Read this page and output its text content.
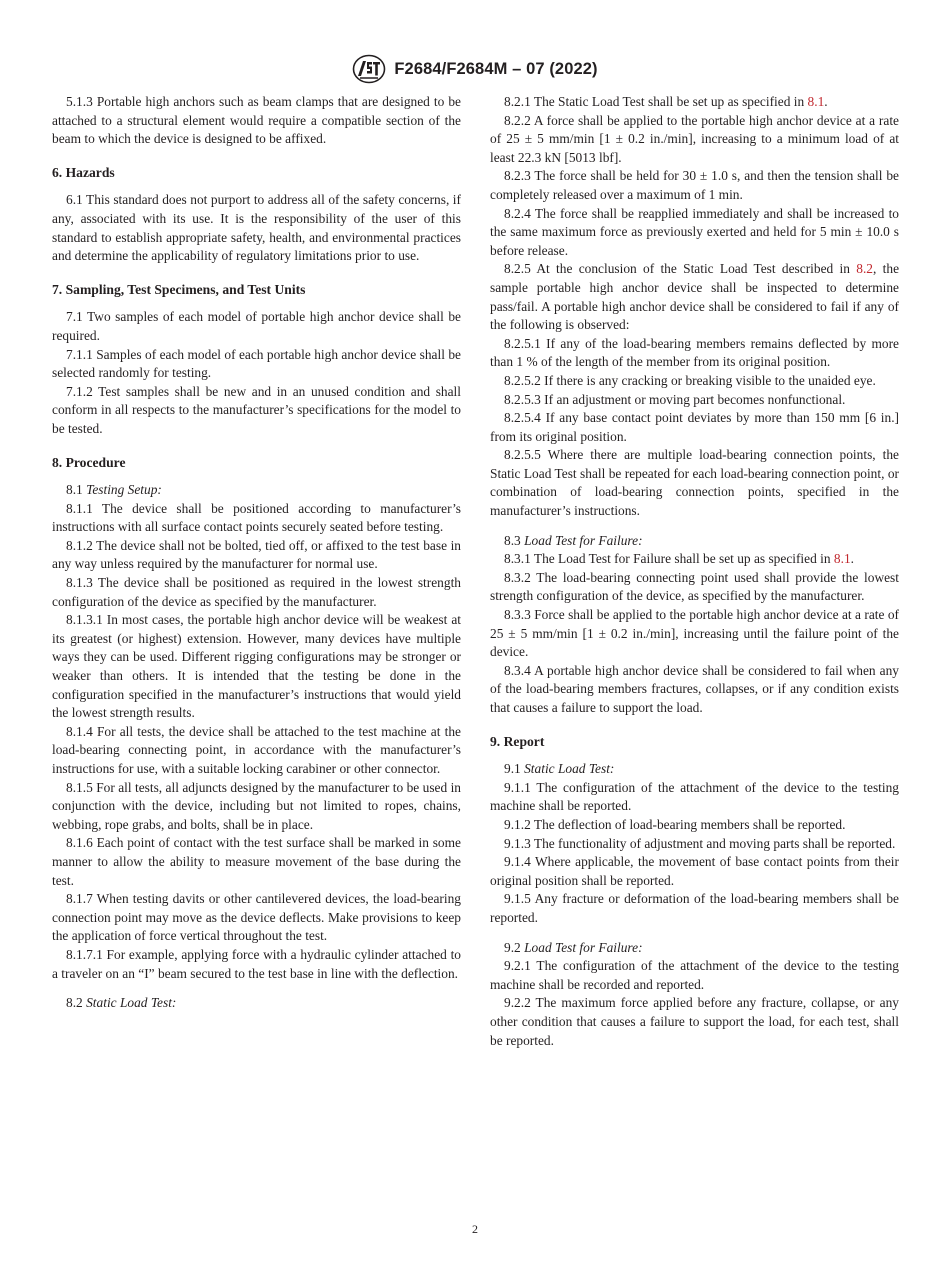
F2684/F2684M – 07 (2022)

5.1.3 Portable high anchors such as beam clamps that are designed to be attached to a structural element would require a compatible section of the beam to which the device is designed to be affixed.

6. Hazards

6.1 This standard does not purport to address all of the safety concerns, if any, associated with its use. It is the responsibility of the user of this standard to establish appropriate safety, health, and environmental practices and determine the applicability of regulatory limitations prior to use.

7. Sampling, Test Specimens, and Test Units

7.1 Two samples of each model of portable high anchor device shall be required.

7.1.1 Samples of each model of each portable high anchor device shall be selected randomly for testing.

7.1.2 Test samples shall be new and in an unused condition and shall conform in all respects to the manufacturer’s specifications for the model to be tested.

8. Procedure

8.1 Testing Setup:

8.1.1 The device shall be positioned according to manufacturer’s instructions with all surface contact points securely seated before testing.

8.1.2 The device shall not be bolted, tied off, or affixed to the test base in any way unless required by the manufacturer for normal use.

8.1.3 The device shall be positioned as required in the lowest strength configuration of the device as specified by the manufacturer.

8.1.3.1 In most cases, the portable high anchor device will be weakest at its greatest (or highest) extension. However, many devices have multiple ways they can be used. Different rigging configurations may be stronger or weaker than others. It is intended that the testing be done in the configuration specified in the manufacturer’s instructions that would yield the lowest strength results.

8.1.4 For all tests, the device shall be attached to the test machine at the load-bearing connecting point, in accordance with the manufacturer’s instructions for use, with a suitable locking carabiner or other connector.

8.1.5 For all tests, all adjuncts designed by the manufacturer to be used in conjunction with the device, including but not limited to ropes, chains, webbing, rope grabs, and bolts, shall be in place.

8.1.6 Each point of contact with the test surface shall be marked in some manner to allow the ability to measure movement of the base during the test.

8.1.7 When testing davits or other cantilevered devices, the load-bearing connection point may move as the device deflects. Make provisions to keep the application of force vertical throughout the test.

8.1.7.1 For example, applying force with a hydraulic cylinder attached to a traveler on an “I” beam secured to the test base in line with the deflection.

8.2 Static Load Test:

8.2.1 The Static Load Test shall be set up as specified in 8.1.

8.2.2 A force shall be applied to the portable high anchor device at a rate of 25 ± 5 mm/min [1 ± 0.2 in./min], increasing to a minimum load of at least 22.3 kN [5013 lbf].

8.2.3 The force shall be held for 30 ± 1.0 s, and then the tension shall be completely released over a maximum of 1 min.

8.2.4 The force shall be reapplied immediately and shall be increased to the same maximum force as previously exerted and held for 5 min ± 10.0 s before release.

8.2.5 At the conclusion of the Static Load Test described in 8.2, the sample portable high anchor device shall be inspected to determine pass/fail. A portable high anchor device shall be considered to fail if any of the following is observed:

8.2.5.1 If any of the load-bearing members remains deflected by more than 1 % of the length of the member from its original position.

8.2.5.2 If there is any cracking or breaking visible to the unaided eye.

8.2.5.3 If an adjustment or moving part becomes nonfunctional.

8.2.5.4 If any base contact point deviates by more than 150 mm [6 in.] from its original position.

8.2.5.5 Where there are multiple load-bearing connection points, the Static Load Test shall be repeated for each load-bearing connection point, or combination of load-bearing connection points, specified in the manufacturer’s instructions.

8.3 Load Test for Failure:

8.3.1 The Load Test for Failure shall be set up as specified in 8.1.

8.3.2 The load-bearing connecting point used shall provide the lowest strength configuration of the device, as specified by the manufacturer.

8.3.3 Force shall be applied to the portable high anchor device at a rate of 25 ± 5 mm/min [1 ± 0.2 in./min], increasing until the failure point of the device.

8.3.4 A portable high anchor device shall be considered to fail when any of the load-bearing members fractures, collapses, or if any condition exists that causes a failure to support the load.

9. Report

9.1 Static Load Test:

9.1.1 The configuration of the attachment of the device to the testing machine shall be reported.

9.1.2 The deflection of load-bearing members shall be reported.

9.1.3 The functionality of adjustment and moving parts shall be reported.

9.1.4 Where applicable, the movement of base contact points from their original position shall be reported.

9.1.5 Any fracture or deformation of the load-bearing members shall be reported.

9.2 Load Test for Failure:

9.2.1 The configuration of the attachment of the device to the testing machine shall be recorded and reported.

9.2.2 The maximum force applied before any fracture, collapse, or any other condition that causes a failure to support the load, for each test, shall be reported.

2
